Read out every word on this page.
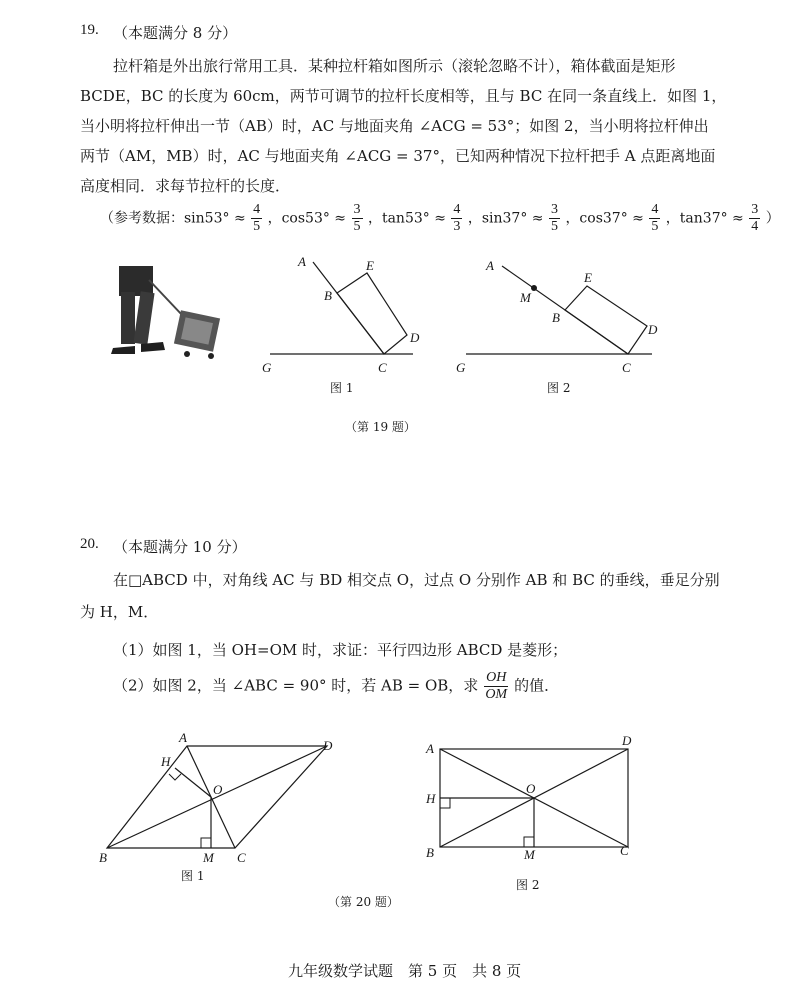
19. （本题满分 8 分）
拉杆箱是外出旅行常用工具．某种拉杆箱如图所示（滚轮忽略不计），箱体截面是矩形
BCDE，BC 的长度为 60cm，两节可调节的拉杆长度相等，且与 BC 在同一条直线上．如图 1，
当小明将拉杆伸出一节（AB）时，AC 与地面夹角 ∠ACG = 53°；如图 2，当小明将拉杆伸出
两节（AM，MB）时，AC 与地面夹角 ∠ACG = 37°，已知两种情况下拉杆把手 A 点距离地面
高度相同．求每节拉杆的长度．
（参考数据：$\sin 53^\circ \approx \frac{4}{5}$ ，$\cos 53^\circ \approx \frac{3}{5}$ ，$\tan 53^\circ \approx \frac{4}{3}$ ，$\sin 37^\circ \approx \frac{3}{5}$ ，$\cos 37^\circ \approx \frac{4}{5}$ ，$\tan 37^\circ \approx \frac{3}{4}$ ）
A
B
E
D
C
G
图 1
A
M
B
E
D
C
G
图 2
（第 19 题）
20. （本题满分 10 分）
在□ABCD 中，对角线 AC 与 BD 相交点 O，过点 O 分别作 AB 和 BC 的垂线，垂足分别
为 H，M．
（1）如图 1，当 OH=OM 时，求证：平行四边形 ABCD 是菱形；
（2）如图 2，当 ∠ABC = 90° 时，若 AB = OB，求 $\frac{OH}{OM}$ 的值．
A
D
H
O
B	M C
图 1
A
D
H
O
B	M	C
图 2
（第 20 题）
九年级数学试题　第 5 页　共 8 页
